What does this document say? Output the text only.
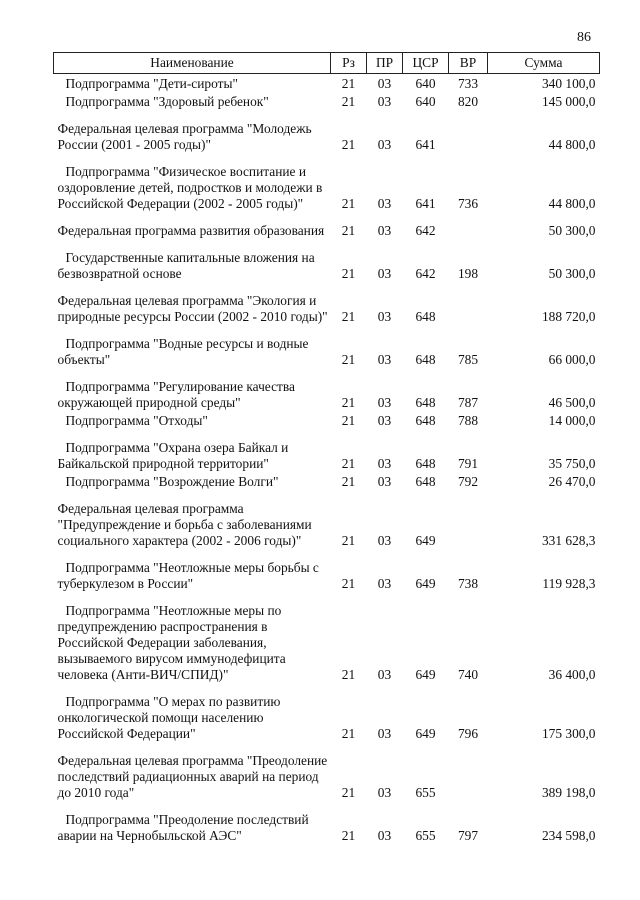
86
Наименование	Рз	ПР	ЦСР	ВР	Сумма
Подпрограмма "Дети-сироты"	21	03	640	733	340 100,0
Подпрограмма "Здоровый ребенок"	21	03	640	820	145 000,0

Федеральная целевая программа "Молодежь России (2001 - 2005 годы)"	21	03	641		44 800,0

Подпрограмма "Физическое воспитание и оздоровление детей, подростков и молодежи в Российской Федерации (2002 - 2005 годы)"	21	03	641	736	44 800,0

Федеральная программа развития образования	21	03	642		50 300,0

Государственные капитальные вложения на безвозвратной основе	21	03	642	198	50 300,0

Федеральная целевая программа "Экология и природные ресурсы России (2002 - 2010 годы)"	21	03	648		188 720,0

Подпрограмма "Водные ресурсы и водные объекты"	21	03	648	785	66 000,0

Подпрограмма "Регулирование качества окружающей природной среды"	21	03	648	787	46 500,0
Подпрограмма "Отходы"	21	03	648	788	14 000,0

Подпрограмма "Охрана озера Байкал и Байкальской природной территории"	21	03	648	791	35 750,0
Подпрограмма "Возрождение Волги"	21	03	648	792	26 470,0

Федеральная целевая программа "Предупреждение и борьба с заболеваниями социального характера (2002 - 2006 годы)"	21	03	649		331 628,3

Подпрограмма "Неотложные меры борьбы с туберкулезом в России"	21	03	649	738	119 928,3

Подпрограмма "Неотложные меры по предупреждению распространения в Российской Федерации заболевания, вызываемого вирусом иммунодефицита человека (Анти-ВИЧ/СПИД)"	21	03	649	740	36 400,0

Подпрограмма "О мерах по развитию онкологической помощи населению Российской Федерации"	21	03	649	796	175 300,0

Федеральная целевая программа "Преодоление последствий радиационных аварий на период до 2010 года"	21	03	655		389 198,0

Подпрограмма "Преодоление последствий аварии на Чернобыльской АЭС"	21	03	655	797	234 598,0
